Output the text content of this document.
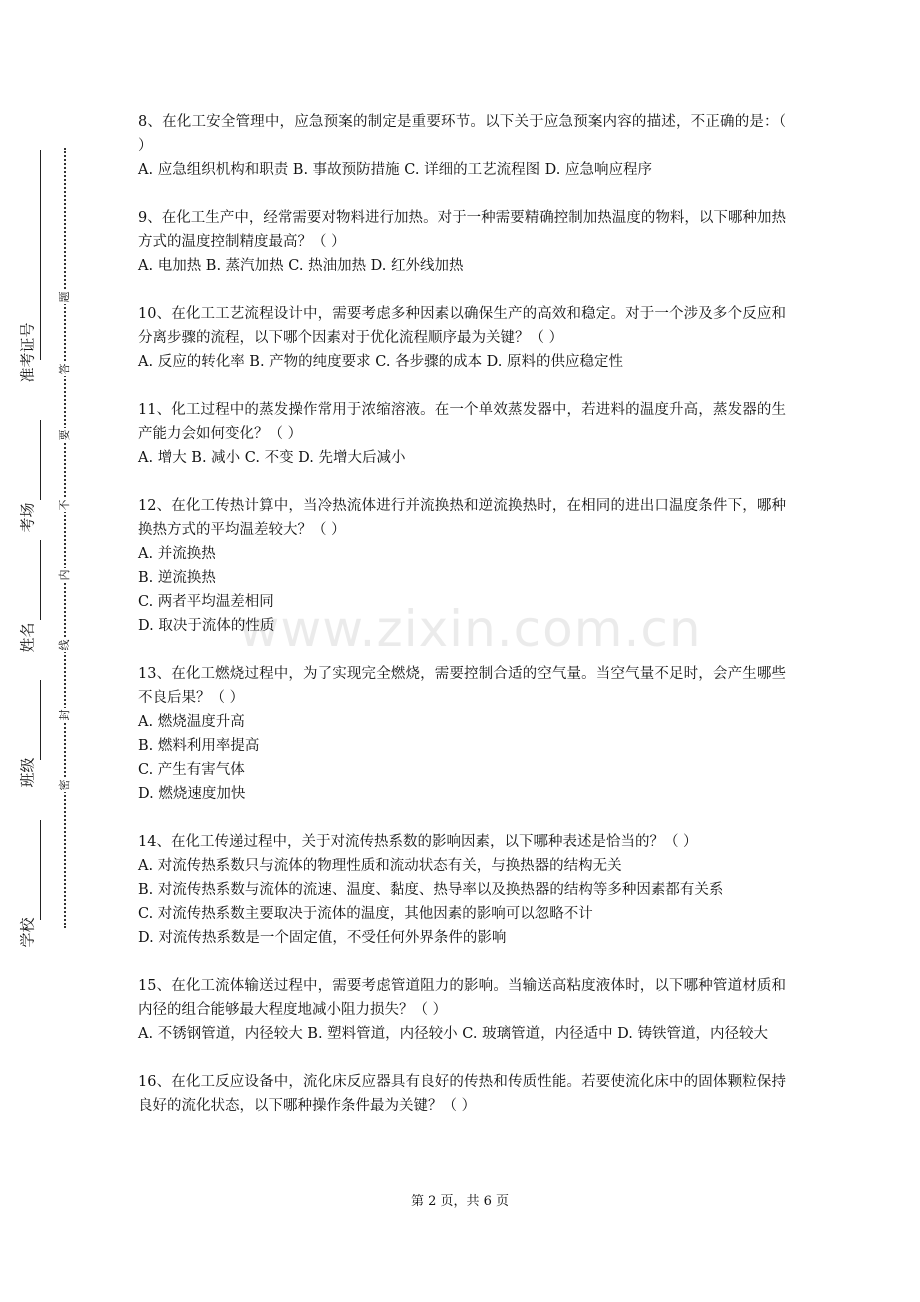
准考证号
考场
姓名
班级
学校
题
答
要
不
内
线
封
密

8、在化工安全管理中，应急预案的制定是重要环节。以下关于应急预案内容的描述，不正确的是：（ ）

A. 应急组织机构和职责 B. 事故预防措施 C. 详细的工艺流程图 D. 应急响应程序

9、在化工生产中，经常需要对物料进行加热。对于一种需要精确控制加热温度的物料，以下哪种加热方式的温度控制精度最高？（ ）

A. 电加热 B. 蒸汽加热 C. 热油加热 D. 红外线加热

10、在化工工艺流程设计中，需要考虑多种因素以确保生产的高效和稳定。对于一个涉及多个反应和分离步骤的流程，以下哪个因素对于优化流程顺序最为关键？（ ）

A. 反应的转化率 B. 产物的纯度要求 C. 各步骤的成本 D. 原料的供应稳定性

11、化工过程中的蒸发操作常用于浓缩溶液。在一个单效蒸发器中，若进料的温度升高，蒸发器的生产能力会如何变化？（ ）

A. 增大 B. 减小 C. 不变 D. 先增大后减小

12、在化工传热计算中，当冷热流体进行并流换热和逆流换热时，在相同的进出口温度条件下，哪种换热方式的平均温差较大？（ ）

A. 并流换热

B. 逆流换热

C. 两者平均温差相同

D. 取决于流体的性质

13、在化工燃烧过程中，为了实现完全燃烧，需要控制合适的空气量。当空气量不足时，会产生哪些不良后果？（ ）

A. 燃烧温度升高

B. 燃料利用率提高

C. 产生有害气体

D. 燃烧速度加快

14、在化工传递过程中，关于对流传热系数的影响因素，以下哪种表述是恰当的？（ ）

A. 对流传热系数只与流体的物理性质和流动状态有关，与换热器的结构无关

B. 对流传热系数与流体的流速、温度、黏度、热导率以及换热器的结构等多种因素都有关系

C. 对流传热系数主要取决于流体的温度，其他因素的影响可以忽略不计

D. 对流传热系数是一个固定值，不受任何外界条件的影响

15、在化工流体输送过程中，需要考虑管道阻力的影响。当输送高粘度液体时，以下哪种管道材质和内径的组合能够最大程度地减小阻力损失？（ ）

A. 不锈钢管道，内径较大 B. 塑料管道，内径较小 C. 玻璃管道，内径适中 D. 铸铁管道，内径较大

16、在化工反应设备中，流化床反应器具有良好的传热和传质性能。若要使流化床中的固体颗粒保持良好的流化状态，以下哪种操作条件最为关键？（ ）

www.zixin.com.cn
第 2 页，共 6 页
